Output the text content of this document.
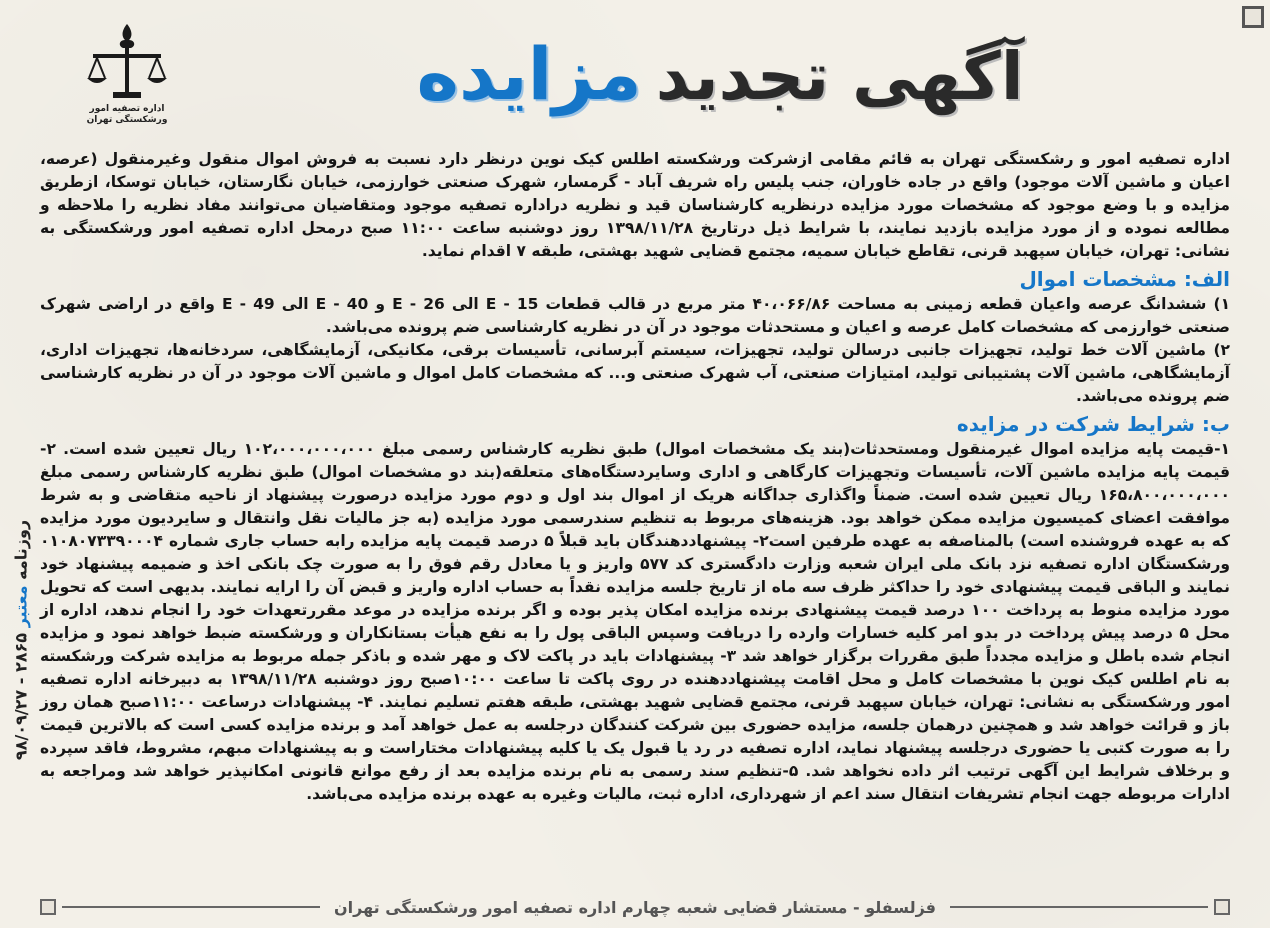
اداره تصفیه امور ورشکستگی تهران
آگهی تجدیدمزایده

اداره تصفیه امور و رشکستگی تهران به قائم مقامی ازشرکت ورشکسته اطلس کیک نوین درنظر دارد نسبت به فروش اموال منقول وغیرمنقول (عرصه، اعیان و ماشین آلات موجود) واقع در جاده خاوران، جنب پلیس راه شریف آباد - گرمسار، شهرک صنعتی خوارزمی، خیابان نگارستان، خیابان توسکا، ازطریق مزایده و با وضع موجود که مشخصات مورد مزایده درنظریه کارشناسان قید و نظریه دراداره تصفیه موجود ومتقاضیان می‌توانند مفاد نظریه را ملاحظه و مطالعه نموده و از مورد مزایده بازدید نمایند، با شرایط ذیل درتاریخ ۱۳۹۸/۱۱/۲۸ روز دوشنبه ساعت ۱۱:۰۰ صبح درمحل اداره تصفیه امور ورشکستگی به نشانی: تهران، خیابان سپهبد قرنی، تقاطع خیابان سمیه، مجتمع قضایی شهید بهشتی، طبقه ۷ اقدام نماید.

الف: مشخصات اموال

۱) ششدانگ عرصه واعیان قطعه زمینی به مساحت ۴۰،۰۶۶/۸۶ متر مربع در قالب قطعات E - 15 الی E - 26 و E - 40 الی E - 49 واقع در اراضی شهرک صنعتی خوارزمی که مشخصات کامل عرصه و اعیان و مستحدثات موجود در آن در نظریه کارشناسی ضم پرونده می‌باشد.

۲) ماشین آلات خط تولید، تجهیزات جانبی درسالن تولید، تجهیزات، سیستم آبرسانی، تأسیسات برقی، مکانیکی، آزمایشگاهی، سردخانه‌ها، تجهیزات اداری، آزمایشگاهی، ماشین آلات پشتیبانی تولید، امتیازات صنعتی، آب شهرک صنعتی و... که مشخصات کامل اموال و ماشین آلات موجود در آن در نظریه کارشناسی ضم پرونده می‌باشد.

ب: شرایط شرکت در مزایده

۱-قیمت پایه مزایده اموال غیرمنقول ومستحدثات(بند یک مشخصات اموال) طبق نظریه کارشناس رسمی مبلغ ۱۰۲،۰۰۰،۰۰۰،۰۰۰ ریال تعیین شده است. ۲-قیمت پایه مزایده ماشین آلات، تأسیسات وتجهیزات کارگاهی و اداری وسایردستگاه‌های متعلقه(بند دو مشخصات اموال) طبق نظریه کارشناس رسمی مبلغ ۱۶۵،۸۰۰،۰۰۰،۰۰۰ ریال تعیین شده است. ضمناً واگذاری جداگانه هریک از اموال بند اول و دوم مورد مزایده درصورت پیشنهاد از ناحیه متقاضی و به شرط موافقت اعضای کمیسیون مزایده ممکن خواهد بود. هزینه‌های مربوط به تنظیم سندرسمی مورد مزایده (به جز مالیات نقل وانتقال و سایردیون مورد مزایده که به عهده فروشنده است) بالمناصفه به عهده طرفین است۲- پیشنهاددهندگان باید قبلاً ۵ درصد قیمت پایه مزایده رابه حساب جاری شماره ۰۱۰۸۰۷۳۳۹۰۰۰۴ ورشکستگان اداره تصفیه نزد بانک ملی ایران شعبه وزارت دادگستری کد ۵۷۷ واریز و یا معادل رقم فوق را به صورت چک بانکی اخذ و ضمیمه پیشنهاد خود نمایند و الباقی قیمت پیشنهادی خود را حداکثر ظرف سه ماه از تاریخ جلسه مزایده نقداً به حساب اداره واریز و قبض آن را ارایه نمایند. بدیهی است که تحویل مورد مزایده منوط به پرداخت ۱۰۰ درصد قیمت پیشنهادی برنده مزایده امکان پذیر بوده و اگر برنده مزایده در موعد مقررتعهدات خود را انجام ندهد، اداره از محل ۵ درصد پیش پرداخت در بدو امر کلیه خسارات وارده را دریافت وسپس الباقی پول را به نفع هیأت بستانکاران و ورشکسته ضبط خواهد نمود و مزایده انجام شده باطل و مزایده مجدداً طبق مقررات برگزار خواهد شد ۳- پیشنهادات باید در پاکت لاک و مهر شده و باذکر جمله مربوط به مزایده شرکت ورشکسته به نام اطلس کیک نوین با مشخصات کامل و محل اقامت پیشنهاددهنده در روی پاکت تا ساعت ۱۰:۰۰صبح روز دوشنبه ۱۳۹۸/۱۱/۲۸ به دبیرخانه اداره تصفیه امور ورشکستگی به نشانی: تهران، خیابان سپهبد قرنی، مجتمع قضایی شهید بهشتی، طبقه هفتم تسلیم نمایند. ۴- پیشنهادات درساعت ۱۱:۰۰صبح همان روز باز و قرائت خواهد شد و همچنین درهمان جلسه، مزایده حضوری بین شرکت کنندگان درجلسه به عمل خواهد آمد و برنده مزایده کسی است که بالاترین قیمت را به صورت کتبی یا حضوری درجلسه پیشنهاد نماید، اداره تصفیه در رد یا قبول یک یا کلیه پیشنهادات مختاراست و به پیشنهادات مبهم، مشروط، فاقد سپرده و برخلاف شرایط این آگهی ترتیب اثر داده نخواهد شد. ۵-تنظیم سند رسمی به نام برنده مزایده بعد از رفع موانع قانونی امکانپذیر خواهد شد ومراجعه به ادارات مربوطه جهت انجام تشریفات انتقال سند اعم از شهرداری، اداره ثبت، مالیات وغیره به عهده برنده مزایده می‌باشد.

روزنامه معتبر ۲۸۶۵ - ۹۸/۰۹/۲۷
فزلسفلو - مستشار قضایی شعبه چهارم اداره تصفیه امور ورشکستگی تهران
